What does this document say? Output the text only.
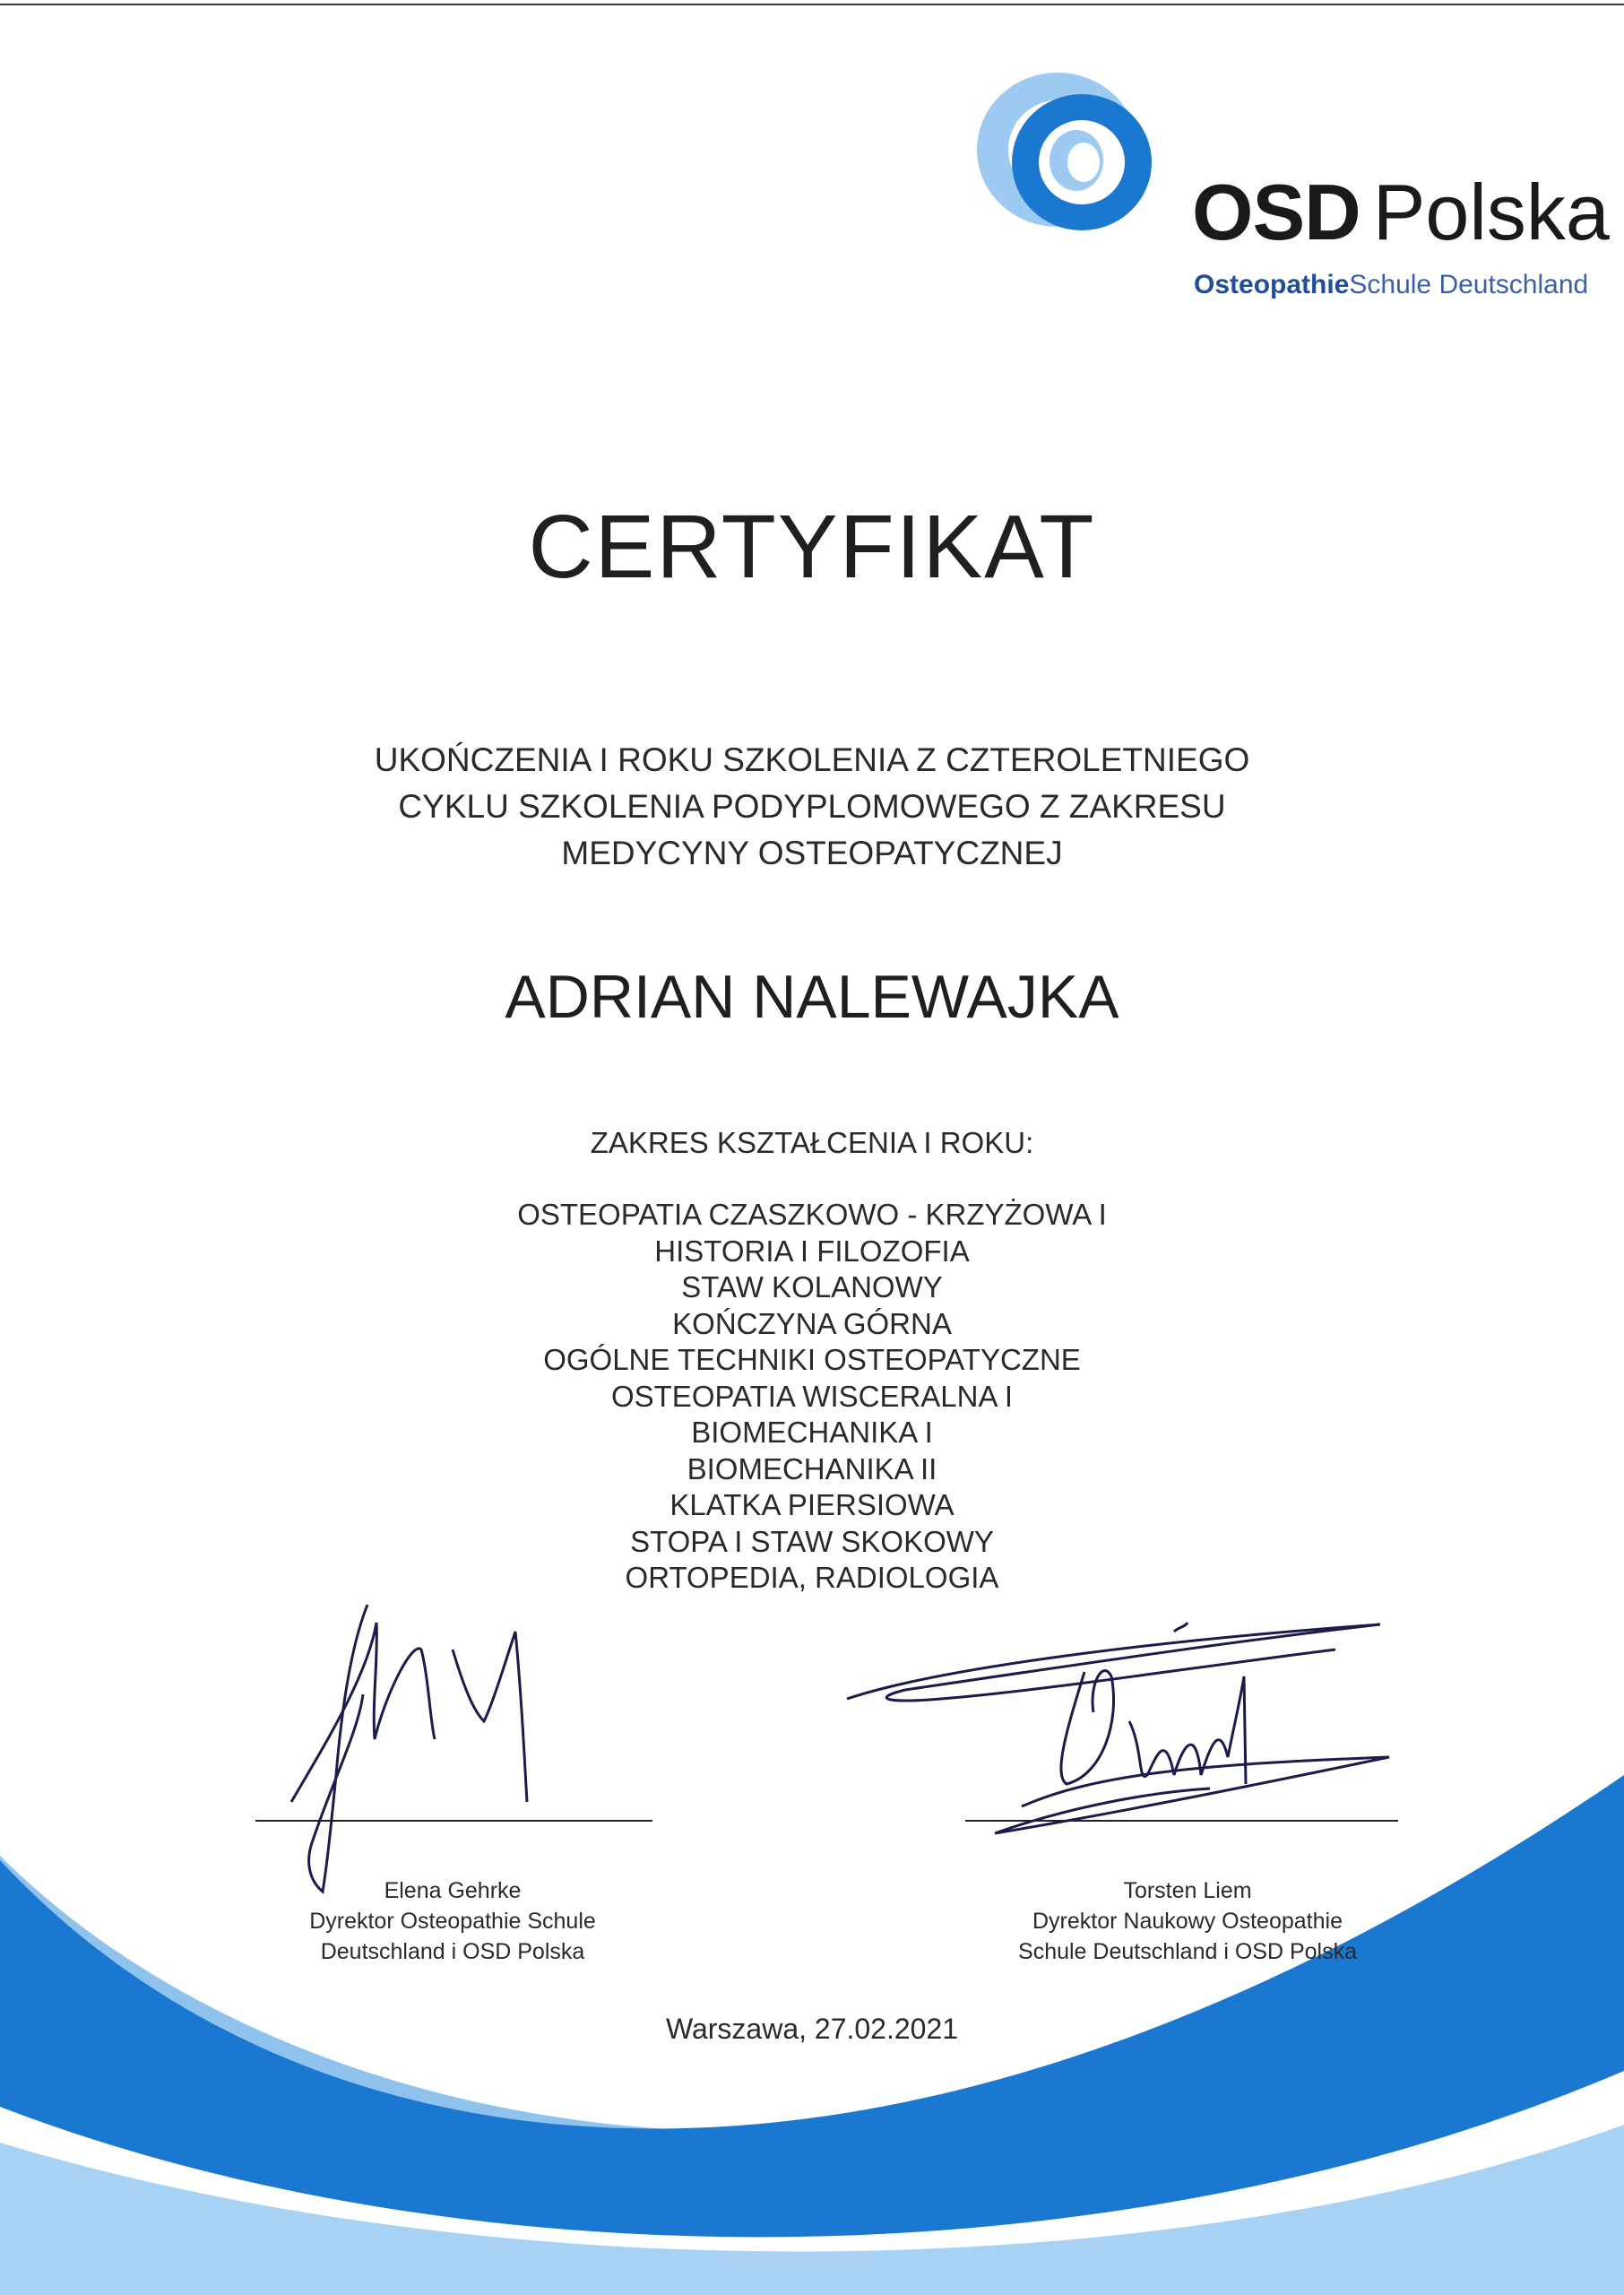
OSD Polska
OsteopathieSchule Deutschland
CERTYFIKAT
UKOŃCZENIA I ROKU SZKOLENIA Z CZTEROLETNIEGO
CYKLU SZKOLENIA PODYPLOMOWEGO Z ZAKRESU
MEDYCYNY OSTEOPATYCZNEJ
ADRIAN NALEWAJKA
ZAKRES KSZTAŁCENIA I ROKU:
OSTEOPATIA CZASZKOWO - KRZYŻOWA I
HISTORIA I FILOZOFIA
STAW KOLANOWY
KOŃCZYNA GÓRNA
OGÓLNE TECHNIKI OSTEOPATYCZNE
OSTEOPATIA WISCERALNA I
BIOMECHANIKA I
BIOMECHANIKA II
KLATKA PIERSIOWA
STOPA I STAW SKOKOWY
ORTOPEDIA, RADIOLOGIA
Elena Gehrke
Dyrektor Osteopathie Schule
Deutschland i OSD Polska
Torsten Liem
Dyrektor Naukowy Osteopathie
Schule Deutschland i OSD Polska
Warszawa, 27.02.2021
